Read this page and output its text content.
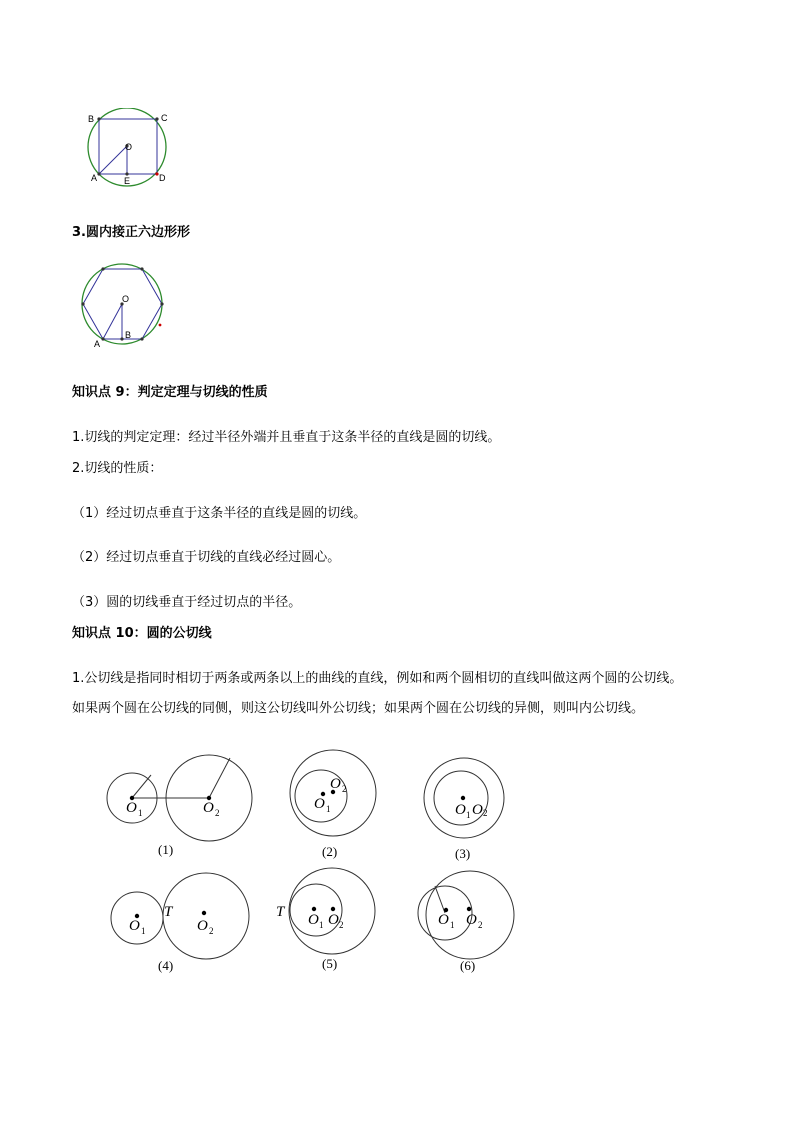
B	C
O
A	E	D
3.圆内接正六边形形
O
A
B
知识点 9：判定定理与切线的性质
1.切线的判定定理：经过半径外端并且垂直于这条半径的直线是圆的切线。
2.切线的性质：
（1）经过切点垂直于这条半径的直线是圆的切线。
（2）经过切点垂直于切线的直线必经过圆心。
（3）圆的切线垂直于经过切点的半径。
知识点 10：圆的公切线
1.公切线是指同时相切于两条或两条以上的曲线的直线，例如和两个圆相切的直线叫做这两个圆的公切线。
如果两个圆在公切线的同侧，则这公切线叫外公切线；如果两个圆在公切线的异侧，则叫内公切线。
O 1	O 2
O 1
O 2
O 1 O 2
O 1	O 2
T	O 1 O 2
T	O 1 O 2
(1)	(2)	(3)
(4)	(5)	(6)
